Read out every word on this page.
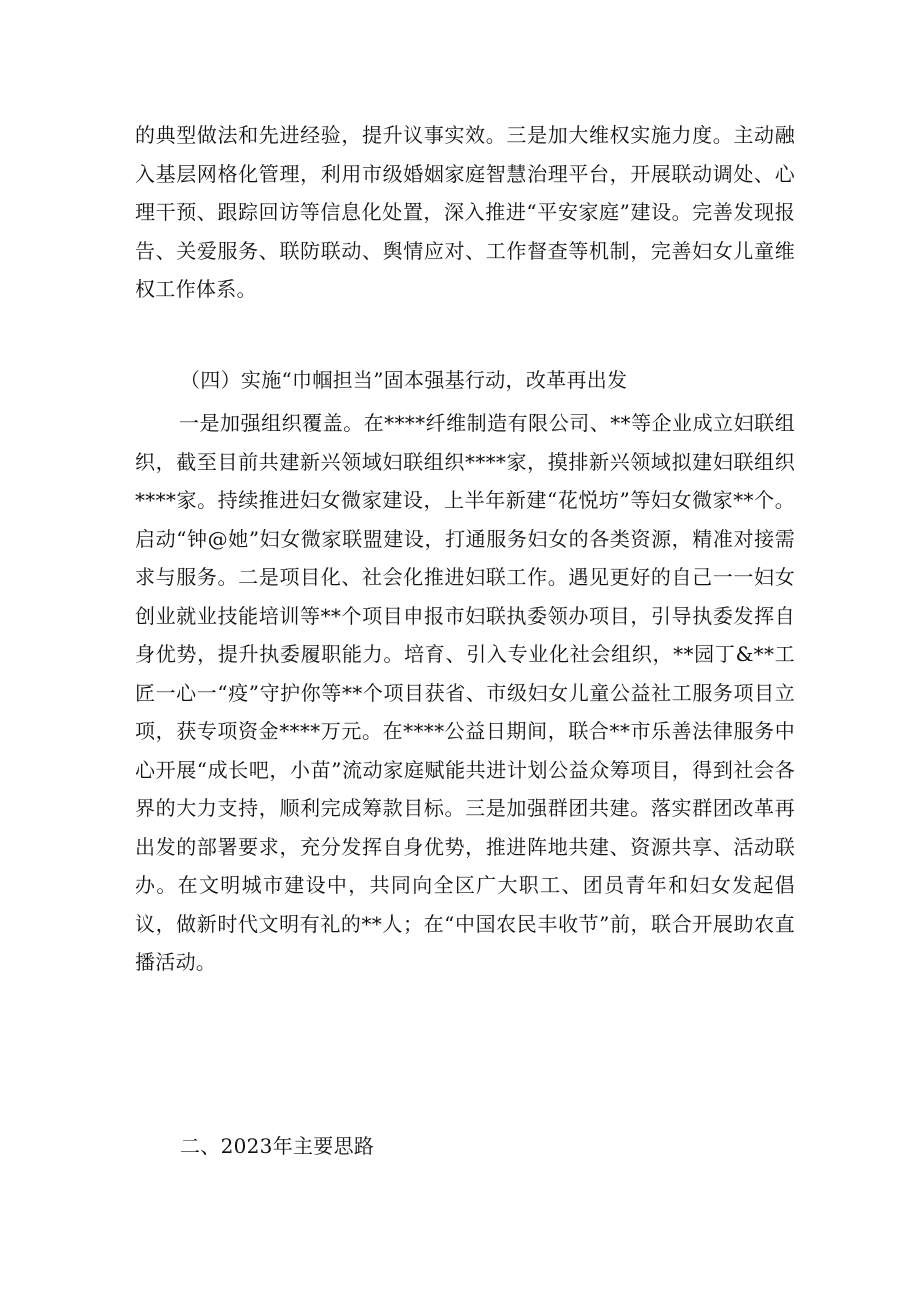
的典型做法和先进经验，提升议事实效。三是加大维权实施力度。主动融入基层网格化管理，利用市级婚姻家庭智慧治理平台，开展联动调处、心理干预、跟踪回访等信息化处置，深入推进“平安家庭”建设。完善发现报告、关爱服务、联防联动、舆情应对、工作督查等机制，完善妇女儿童维权工作体系。

（四）实施“巾帼担当”固本强基行动，改革再出发

一是加强组织覆盖。在****纤维制造有限公司、**等企业成立妇联组织，截至目前共建新兴领域妇联组织****家，摸排新兴领域拟建妇联组织****家。持续推进妇女微家建设，上半年新建“花悦坊”等妇女微家**个。启动“钟@她”妇女微家联盟建设，打通服务妇女的各类资源，精准对接需求与服务。二是项目化、社会化推进妇联工作。遇见更好的自己一一妇女创业就业技能培训等**个项目申报市妇联执委领办项目，引导执委发挥自身优势，提升执委履职能力。培育、引入专业化社会组织，**园丁&**工匠一心一“疫”守护你等**个项目获省、市级妇女儿童公益社工服务项目立项，获专项资金****万元。在****公益日期间，联合**市乐善法律服务中心开展“成长吧，小苗”流动家庭赋能共进计划公益众筹项目，得到社会各界的大力支持，顺利完成筹款目标。三是加强群团共建。落实群团改革再出发的部署要求，充分发挥自身优势，推进阵地共建、资源共享、活动联办。在文明城市建设中，共同向全区广大职工、团员青年和妇女发起倡议，做新时代文明有礼的**人；在“中国农民丰收节”前，联合开展助农直播活动。

二、2023年主要思路
